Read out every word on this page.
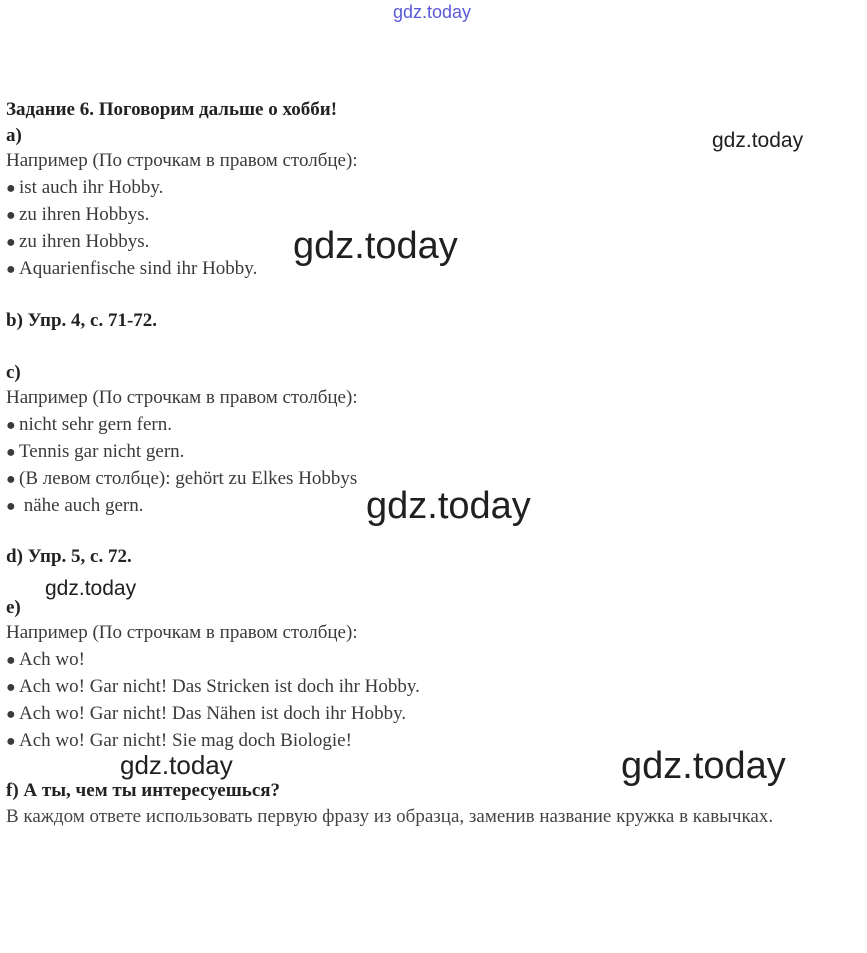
gdz.today
Задание 6. Поговорим дальше о хобби!
a)
Например (По строчкам в правом столбце):
● ist auch ihr Hobby.
● zu ihren Hobbys.
● zu ihren Hobbys.
● Aquarienfische sind ihr Hobby.
b) Упр. 4, с. 71-72.
c)
Например (По строчкам в правом столбце):
● nicht sehr gern fern.
● Tennis gar nicht gern.
● (В левом столбце): gehört zu Elkes Hobbys
● nähe auch gern.
d) Упр. 5, с. 72.
e)
Например (По строчкам в правом столбце):
● Ach wo!
● Ach wo! Gar nicht! Das Stricken ist doch ihr Hobby.
● Ach wo! Gar nicht! Das Nähen ist doch ihr Hobby.
● Ach wo! Gar nicht! Sie mag doch Biologie!
f) А ты, чем ты интересуешься?
В каждом ответе использовать первую фразу из образца, заменив название кружка в кавычках.
gdz.today
gdz.today
gdz.today
gdz.today
gdz.today	gdz.today
